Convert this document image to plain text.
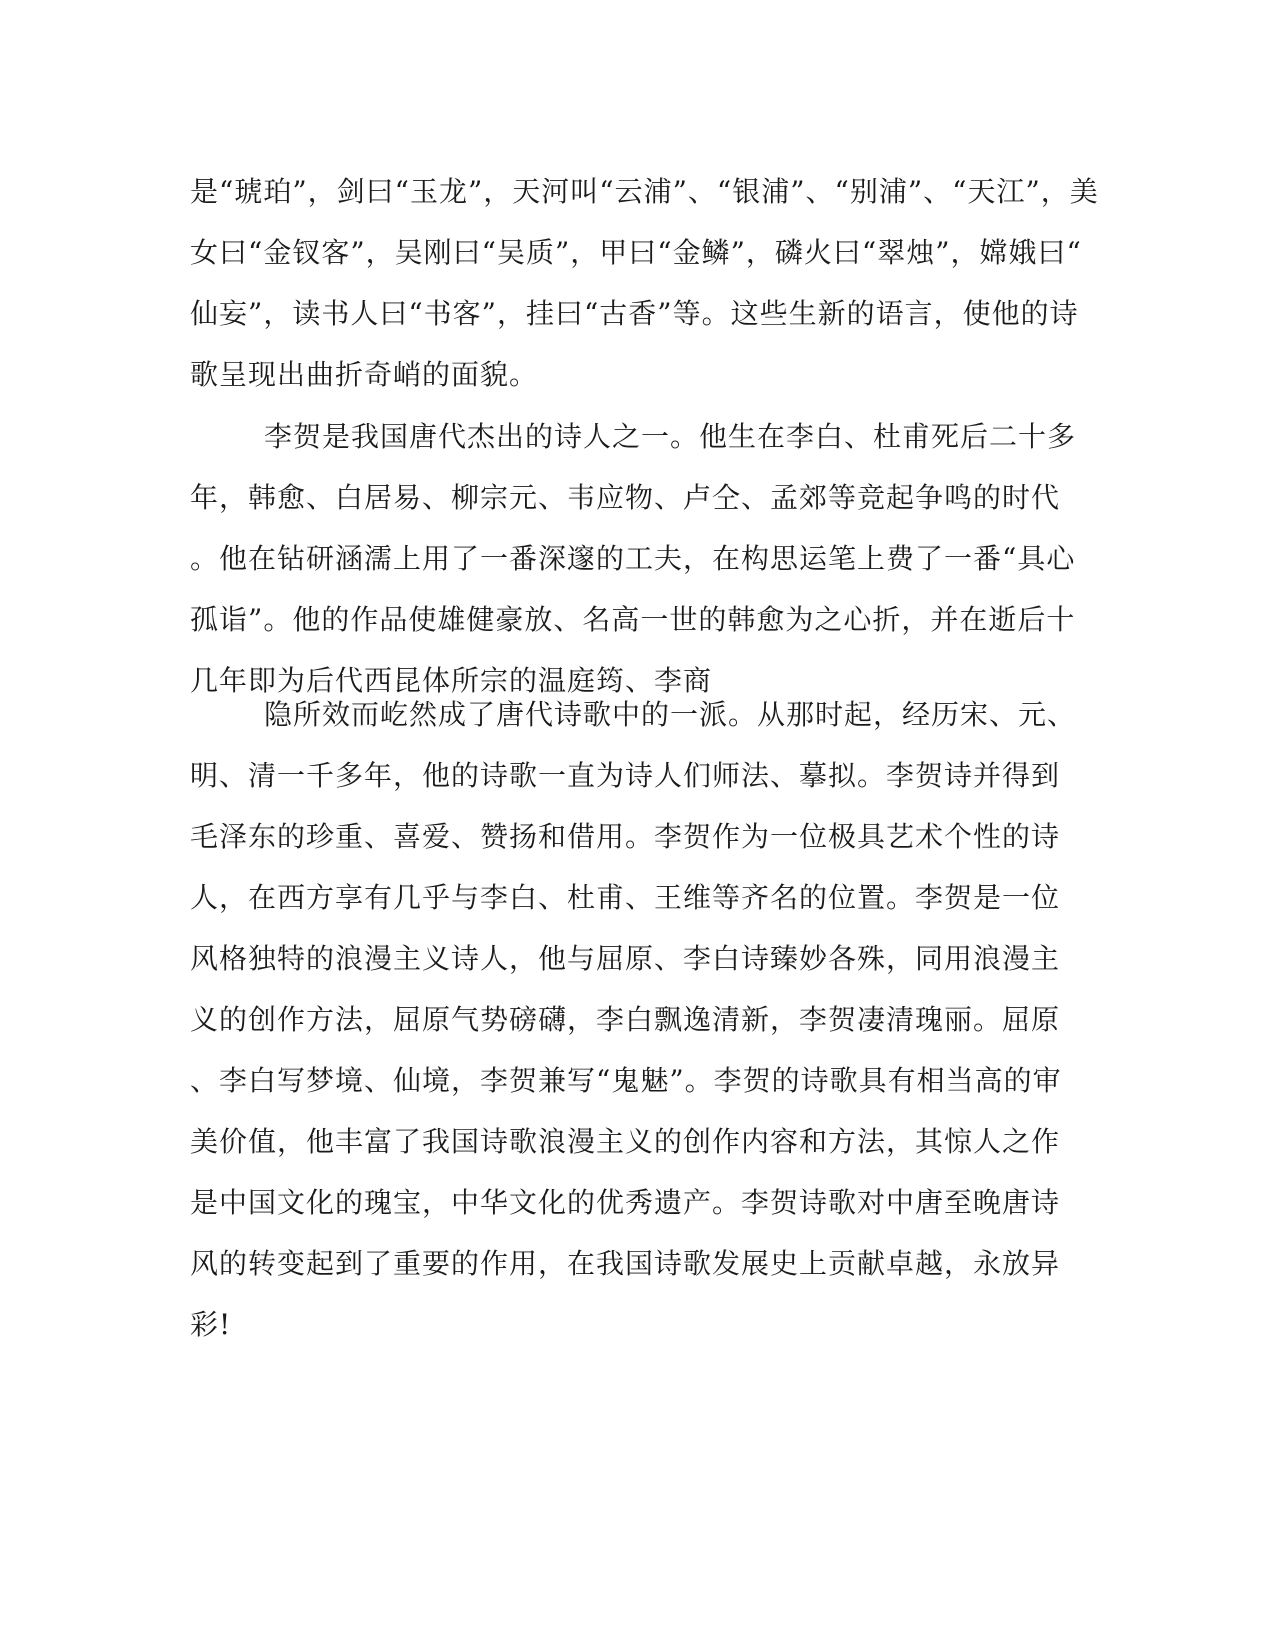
是“琥珀”，剑曰“玉龙”，天河叫“云浦”、“银浦”、“别浦”、“天江”，美
女曰“金钗客”，吴刚曰“吴质”，甲曰“金鳞”，磷火曰“翠烛”，嫦娥曰“
仙妄”，读书人曰“书客”，挂曰“古香”等。这些生新的语言，使他的诗
歌呈现出曲折奇峭的面貌。
李贺是我国唐代杰出的诗人之一。他生在李白、杜甫死后二十多
年，韩愈、白居易、柳宗元、韦应物、卢仝、孟郊等竞起争鸣的时代
。他在钻研涵濡上用了一番深邃的工夫，在构思运笔上费了一番“具心
孤诣”。他的作品使雄健豪放、名高一世的韩愈为之心折，并在逝后十
几年即为后代西昆体所宗的温庭筠、李商
隐所效而屹然成了唐代诗歌中的一派。从那时起，经历宋、元、
明、清一千多年，他的诗歌一直为诗人们师法、摹拟。李贺诗并得到
毛泽东的珍重、喜爱、赞扬和借用。李贺作为一位极具艺术个性的诗
人，在西方享有几乎与李白、杜甫、王维等齐名的位置。李贺是一位
风格独特的浪漫主义诗人，他与屈原、李白诗臻妙各殊，同用浪漫主
义的创作方法，屈原气势磅礴，李白飘逸清新，李贺凄清瑰丽。屈原
、李白写梦境、仙境，李贺兼写“鬼魅”。李贺的诗歌具有相当高的审
美价值，他丰富了我国诗歌浪漫主义的创作内容和方法，其惊人之作
是中国文化的瑰宝，中华文化的优秀遗产。李贺诗歌对中唐至晚唐诗
风的转变起到了重要的作用，在我国诗歌发展史上贡献卓越，永放异
彩!
